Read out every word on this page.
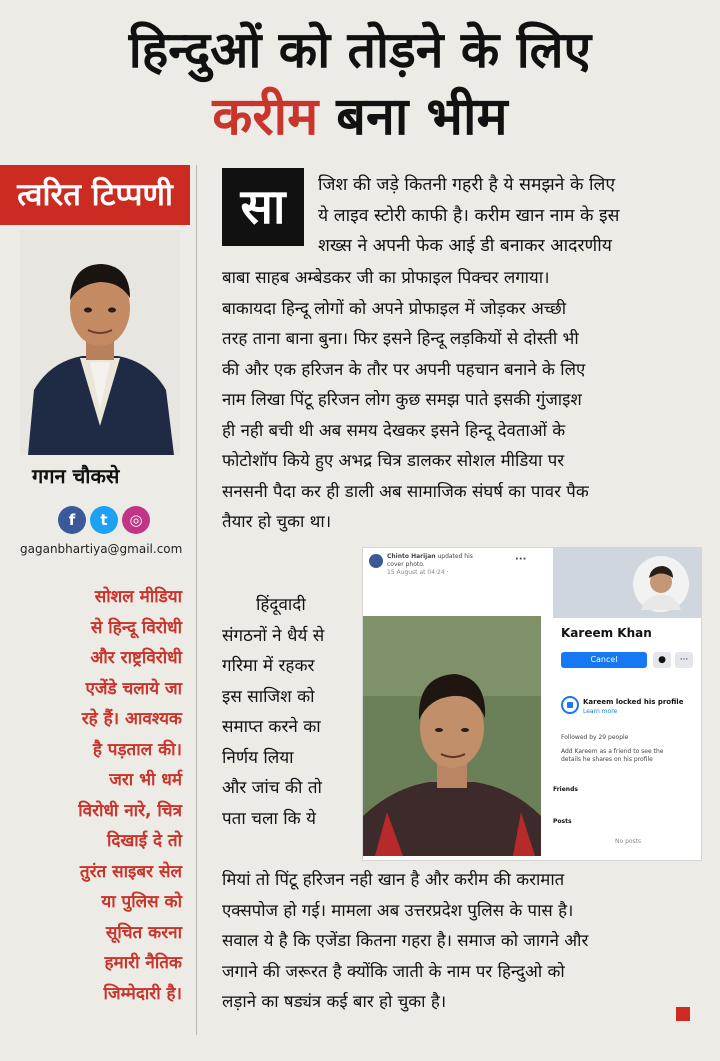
हिन्दुओं को तोड़ने के लिए
करीम बना भीम
त्वरित टिप्पणी
गगन चौकसे
f	t	◎
gaganbhartiya@gmail.com
सोशल मीडिया
से हिन्दू विरोधी
और राष्ट्रविरोधी
एजेंडे चलाये जा
रहे हैं। आवश्यक
है पड़ताल की।
जरा भी धर्म
विरोधी नारे, चित्र
दिखाई दे तो
तुरंत साइबर सेल
या पुलिस को
सूचित करना
हमारी नैतिक
जिम्मेदारी है।
सा	जिश की जड़े कितनी गहरी है ये समझने के लिए
ये लाइव स्टोरी काफी है। करीम खान नाम के इस
शख्स ने अपनी फेक आई डी बनाकर आदरणीय
बाबा साहब अम्बेडकर जी का प्रोफाइल पिक्चर लगाया।
बाकायदा हिन्दू लोगों को अपने प्रोफाइल में जोड़कर अच्छी
तरह ताना बाना बुना। फिर इसने हिन्दू लड़कियों से दोस्ती भी
की और एक हरिजन के तौर पर अपनी पहचान बनाने के लिए
नाम लिखा पिंटू हरिजन लोग कुछ समझ पाते इसकी गुंजाइश
ही नही बची थी अब समय देखकर इसने हिन्दू देवताओं के
फोटोशॉप किये हुए अभद्र चित्र डालकर सोशल मीडिया पर
सनसनी पैदा कर ही डाली अब सामाजिक संघर्ष का पावर पैक
तैयार हो चुका था।
हिंदूवादी
संगठनों ने धैर्य से
गरिमा में रहकर
इस साजिश को
समाप्त करने का
निर्णय लिया
और जांच की तो
पता चला कि ये
Chinto Harijan updated his
cover photo.
15 August at 04:24 ·
···
Kareem Khan
Cancel	●	···
Kareem locked his profile
Learn more
Followed by 29 people
Add Kareem as a friend to see the
details he shares on his profile
Friends
Posts
No posts
मियां तो पिंटू हरिजन नही खान है और करीम की करामात
एक्सपोज हो गई। मामला अब उत्तरप्रदेश पुलिस के पास है।
सवाल ये है कि एजेंडा कितना गहरा है। समाज को जागने और
जगाने की जरूरत है क्योंकि जाती के नाम पर हिन्दुओ को
लड़ाने का षड्यंत्र कई बार हो चुका है।
